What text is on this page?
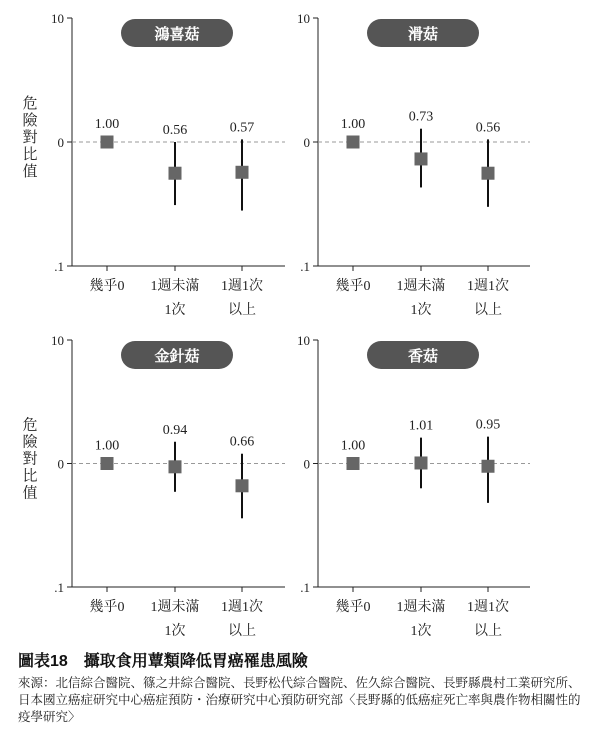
危險對比值
危險對比值
10
0
.1
鴻喜菇
幾乎0 1週未滿 1次
1週1次以上
1.00	0.56	0.57
10
0
.1
滑菇
幾乎0 1週未滿 1次
1週1次以上
1.00	0.73
0.56
10
0
.1
金針菇
幾乎0 1週未滿 1次
1週1次以上
1.00
0.94
0.66
10
0
.1
香菇
幾乎0 1週未滿 1次
1週1次以上
1.00
1.01	0.95

圖表18　攝取食用蕈類降低胃癌罹患風險

來源：北信綜合醫院、篠之井綜合醫院、長野松代綜合醫院、佐久綜合醫院、長野縣農村工業研究所、日本國立癌症研究中心癌症預防・治療研究中心預防研究部〈長野縣的低癌症死亡率與農作物相關性的疫學研究〉
